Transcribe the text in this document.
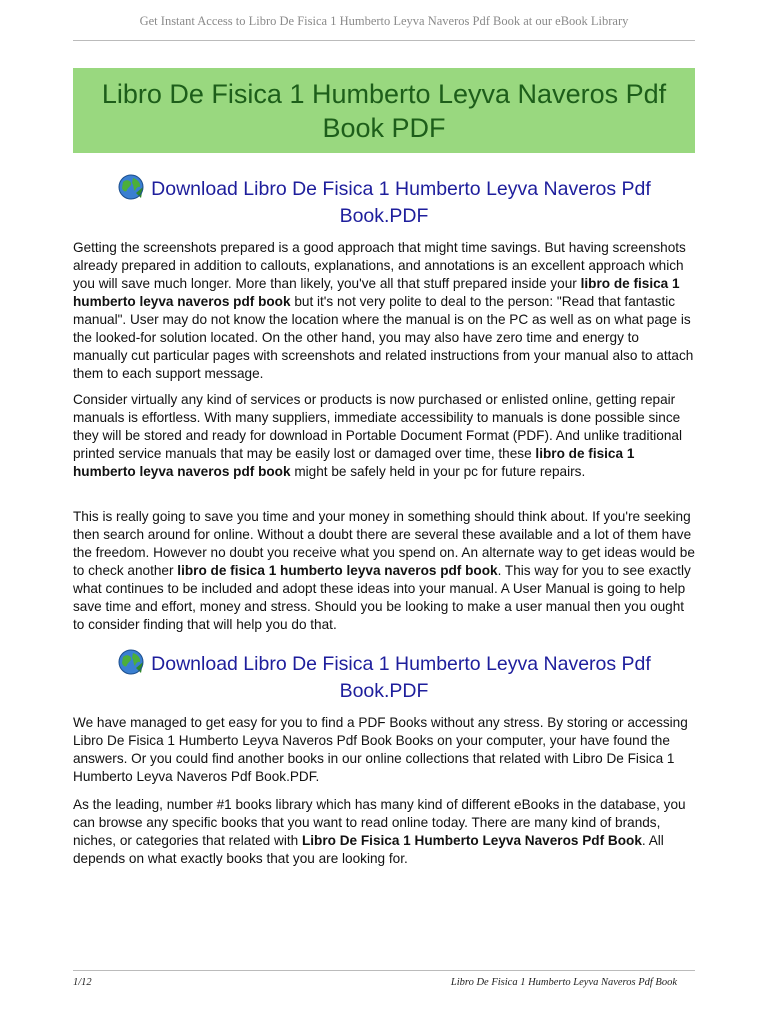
Get Instant Access to Libro De Fisica 1 Humberto Leyva Naveros Pdf Book at our eBook Library
Libro De Fisica 1 Humberto Leyva Naveros Pdf
Book PDF
Download Libro De Fisica 1 Humberto Leyva Naveros Pdf
Book.PDF

Getting the screenshots prepared is a good approach that might time savings. But having screenshots already prepared in addition to callouts, explanations, and annotations is an excellent approach which you will save much longer. More than likely, you've all that stuff prepared inside your libro de fisica 1 humberto leyva naveros pdf book but it's not very polite to deal to the person: "Read that fantastic manual". User may do not know the location where the manual is on the PC as well as on what page is the looked-for solution located. On the other hand, you may also have zero time and energy to manually cut particular pages with screenshots and related instructions from your manual also to attach them to each support message.

Consider virtually any kind of services or products is now purchased or enlisted online, getting repair manuals is effortless. With many suppliers, immediate accessibility to manuals is done possible since they will be stored and ready for download in Portable Document Format (PDF). And unlike traditional printed service manuals that may be easily lost or damaged over time, these libro de fisica 1 humberto leyva naveros pdf book might be safely held in your pc for future repairs.

This is really going to save you time and your money in something should think about. If you're seeking then search around for online. Without a doubt there are several these available and a lot of them have the freedom. However no doubt you receive what you spend on. An alternate way to get ideas would be to check another libro de fisica 1 humberto leyva naveros pdf book. This way for you to see exactly what continues to be included and adopt these ideas into your manual. A User Manual is going to help save time and effort, money and stress. Should you be looking to make a user manual then you ought to consider finding that will help you do that.

Download Libro De Fisica 1 Humberto Leyva Naveros Pdf
Book.PDF

We have managed to get easy for you to find a PDF Books without any stress. By storing or accessing Libro De Fisica 1 Humberto Leyva Naveros Pdf Book Books on your computer, your have found the answers. Or you could find another books in our online collections that related with Libro De Fisica 1 Humberto Leyva Naveros Pdf Book.PDF.

As the leading, number #1 books library which has many kind of different eBooks in the database, you can browse any specific books that you want to read online today. There are many kind of brands, niches, or categories that related with Libro De Fisica 1 Humberto Leyva Naveros Pdf Book. All depends on what exactly books that you are looking for.

1/12	Libro De Fisica 1 Humberto Leyva Naveros Pdf Book
